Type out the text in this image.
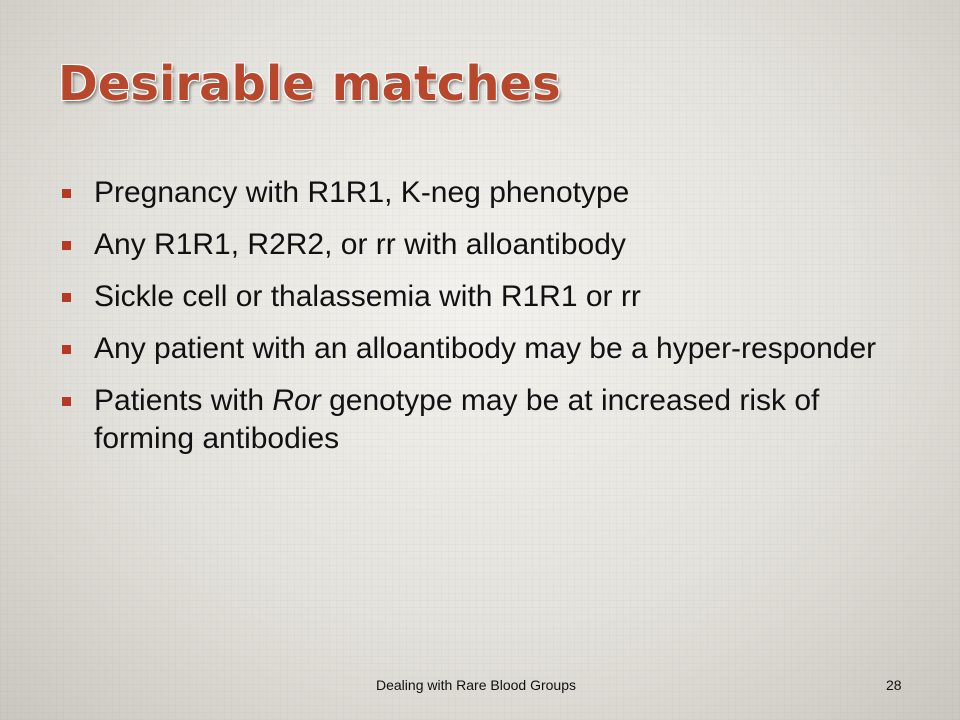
Desirable matches
Pregnancy with R1R1, K-neg phenotype
Any R1R1, R2R2, or rr with alloantibody
Sickle cell or thalassemia with R1R1 or rr
Any patient with an alloantibody may be a hyper-responder
Patients with Ror genotype may be at increased risk of forming antibodies
Dealing with Rare Blood Groups	28
